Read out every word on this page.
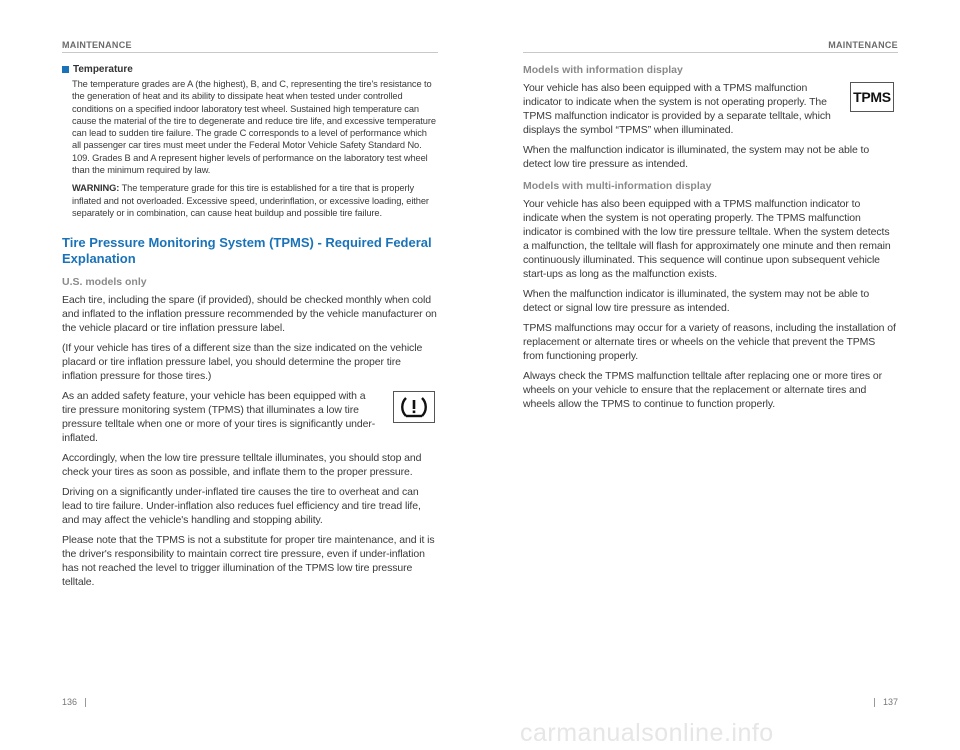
MAINTENANCE
Temperature

The temperature grades are A (the highest), B, and C, representing the tire's resistance to the generation of heat and its ability to dissipate heat when tested under controlled conditions on a specified indoor laboratory test wheel. Sustained high temperature can cause the material of the tire to degenerate and reduce tire life, and excessive temperature can lead to sudden tire failure. The grade C corresponds to a level of performance which all passenger car tires must meet under the Federal Motor Vehicle Safety Standard No. 109. Grades B and A represent higher levels of performance on the laboratory test wheel than the minimum required by law.

WARNING: The temperature grade for this tire is established for a tire that is properly inflated and not overloaded. Excessive speed, underinflation, or excessive loading, either separately or in combination, can cause heat buildup and possible tire failure.

Tire Pressure Monitoring System (TPMS) - Required Federal Explanation
U.S. models only

Each tire, including the spare (if provided), should be checked monthly when cold and inflated to the inflation pressure recommended by the vehicle manufacturer on the vehicle placard or tire inflation pressure label.

(If your vehicle has tires of a different size than the size indicated on the vehicle placard or tire inflation pressure label, you should determine the proper tire inflation pressure for those tires.)

As an added safety feature, your vehicle has been equipped with a tire pressure monitoring system (TPMS) that illuminates a low tire pressure telltale when one or more of your tires is significantly under-inflated.

Accordingly, when the low tire pressure telltale illuminates, you should stop and check your tires as soon as possible, and inflate them to the proper pressure.

Driving on a significantly under-inflated tire causes the tire to overheat and can lead to tire failure. Under-inflation also reduces fuel efficiency and tire tread life, and may affect the vehicle's handling and stopping ability.

Please note that the TPMS is not a substitute for proper tire maintenance, and it is the driver's responsibility to maintain correct tire pressure, even if under-inflation has not reached the level to trigger illumination of the TPMS low tire pressure telltale.

136
MAINTENANCE
Models with information display

Your vehicle has also been equipped with a TPMS malfunction indicator to indicate when the system is not operating properly. The TPMS malfunction indicator is provided by a separate telltale, which displays the symbol “TPMS” when illuminated.

TPMS

When the malfunction indicator is illuminated, the system may not be able to detect low tire pressure as intended.

Models with multi-information display

Your vehicle has also been equipped with a TPMS malfunction indicator to indicate when the system is not operating properly. The TPMS malfunction indicator is combined with the low tire pressure telltale. When the system detects a malfunction, the telltale will flash for approximately one minute and then remain continuously illuminated. This sequence will continue upon subsequent vehicle start-ups as long as the malfunction exists.

When the malfunction indicator is illuminated, the system may not be able to detect or signal low tire pressure as intended.

TPMS malfunctions may occur for a variety of reasons, including the installation of replacement or alternate tires or wheels on the vehicle that prevent the TPMS from functioning properly.

Always check the TPMS malfunction telltale after replacing one or more tires or wheels on your vehicle to ensure that the replacement or alternate tires and wheels allow the TPMS to continue to function properly.

137
carmanualsonline.info
